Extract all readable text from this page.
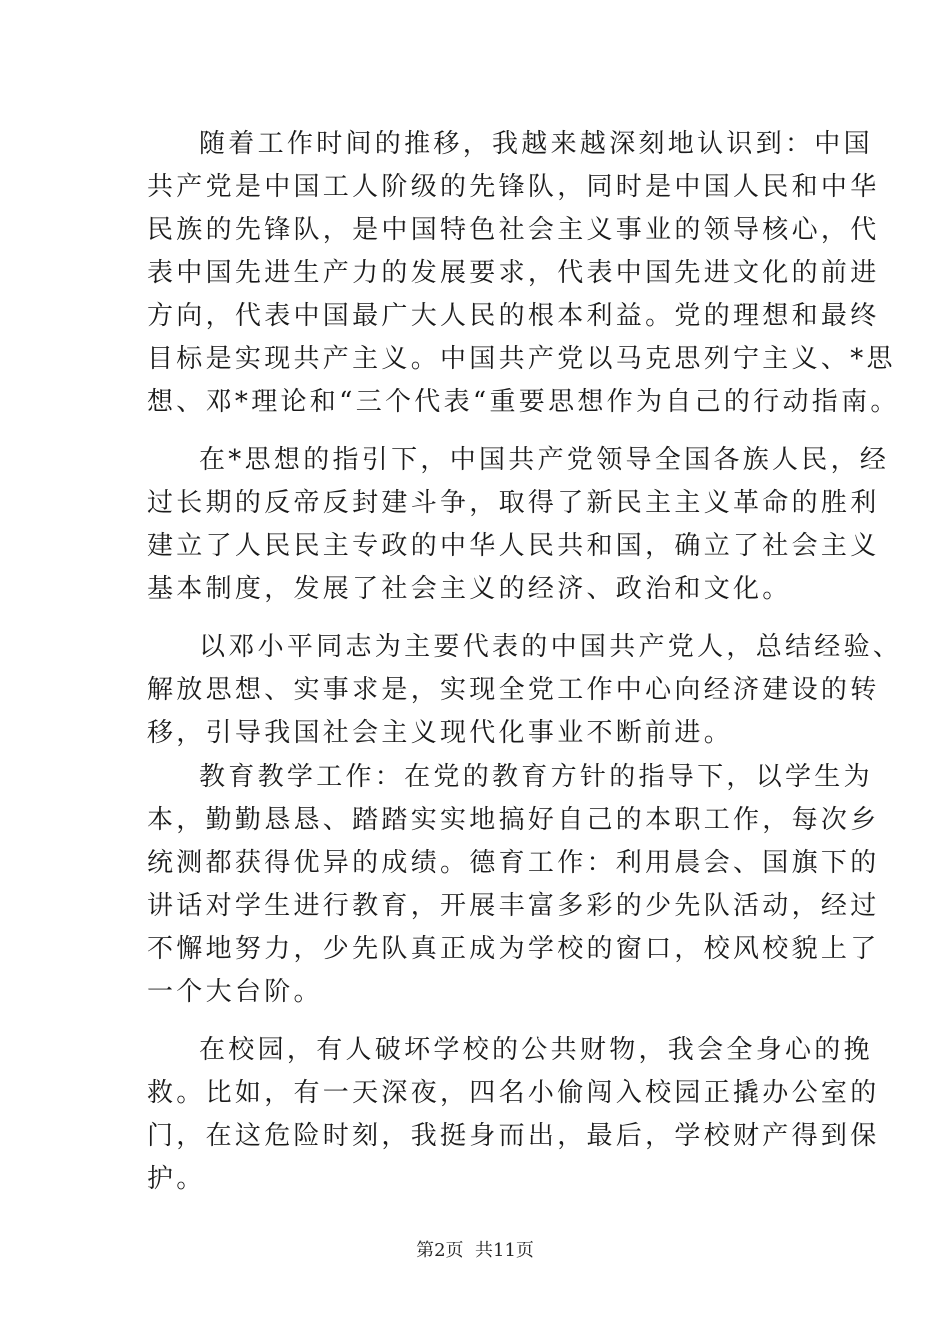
随着工作时间的推移，我越来越深刻地认识到：中国
共产党是中国工人阶级的先锋队，同时是中国人民和中华
民族的先锋队，是中国特色社会主义事业的领导核心，代
表中国先进生产力的发展要求，代表中国先进文化的前进
方向，代表中国最广大人民的根本利益。党的理想和最终
目标是实现共产主义。中国共产党以马克思列宁主义、*思
想、邓*理论和“三个代表“重要思想作为自己的行动指南。
在*思想的指引下，中国共产党领导全国各族人民，经
过长期的反帝反封建斗争，取得了新民主主义革命的胜利
建立了人民民主专政的中华人民共和国，确立了社会主义
基本制度，发展了社会主义的经济、政治和文化。
以邓小平同志为主要代表的中国共产党人，总结经验、
解放思想、实事求是，实现全党工作中心向经济建设的转
移，引导我国社会主义现代化事业不断前进。
教育教学工作：在党的教育方针的指导下，以学生为
本，勤勤恳恳、踏踏实实地搞好自己的本职工作，每次乡
统测都获得优异的成绩。德育工作：利用晨会、国旗下的
讲话对学生进行教育，开展丰富多彩的少先队活动，经过
不懈地努力，少先队真正成为学校的窗口，校风校貌上了
一个大台阶。
在校园，有人破坏学校的公共财物，我会全身心的挽
救。比如，有一天深夜，四名小偷闯入校园正撬办公室的
门，在这危险时刻，我挺身而出，最后，学校财产得到保
护。
第2页  共11页
